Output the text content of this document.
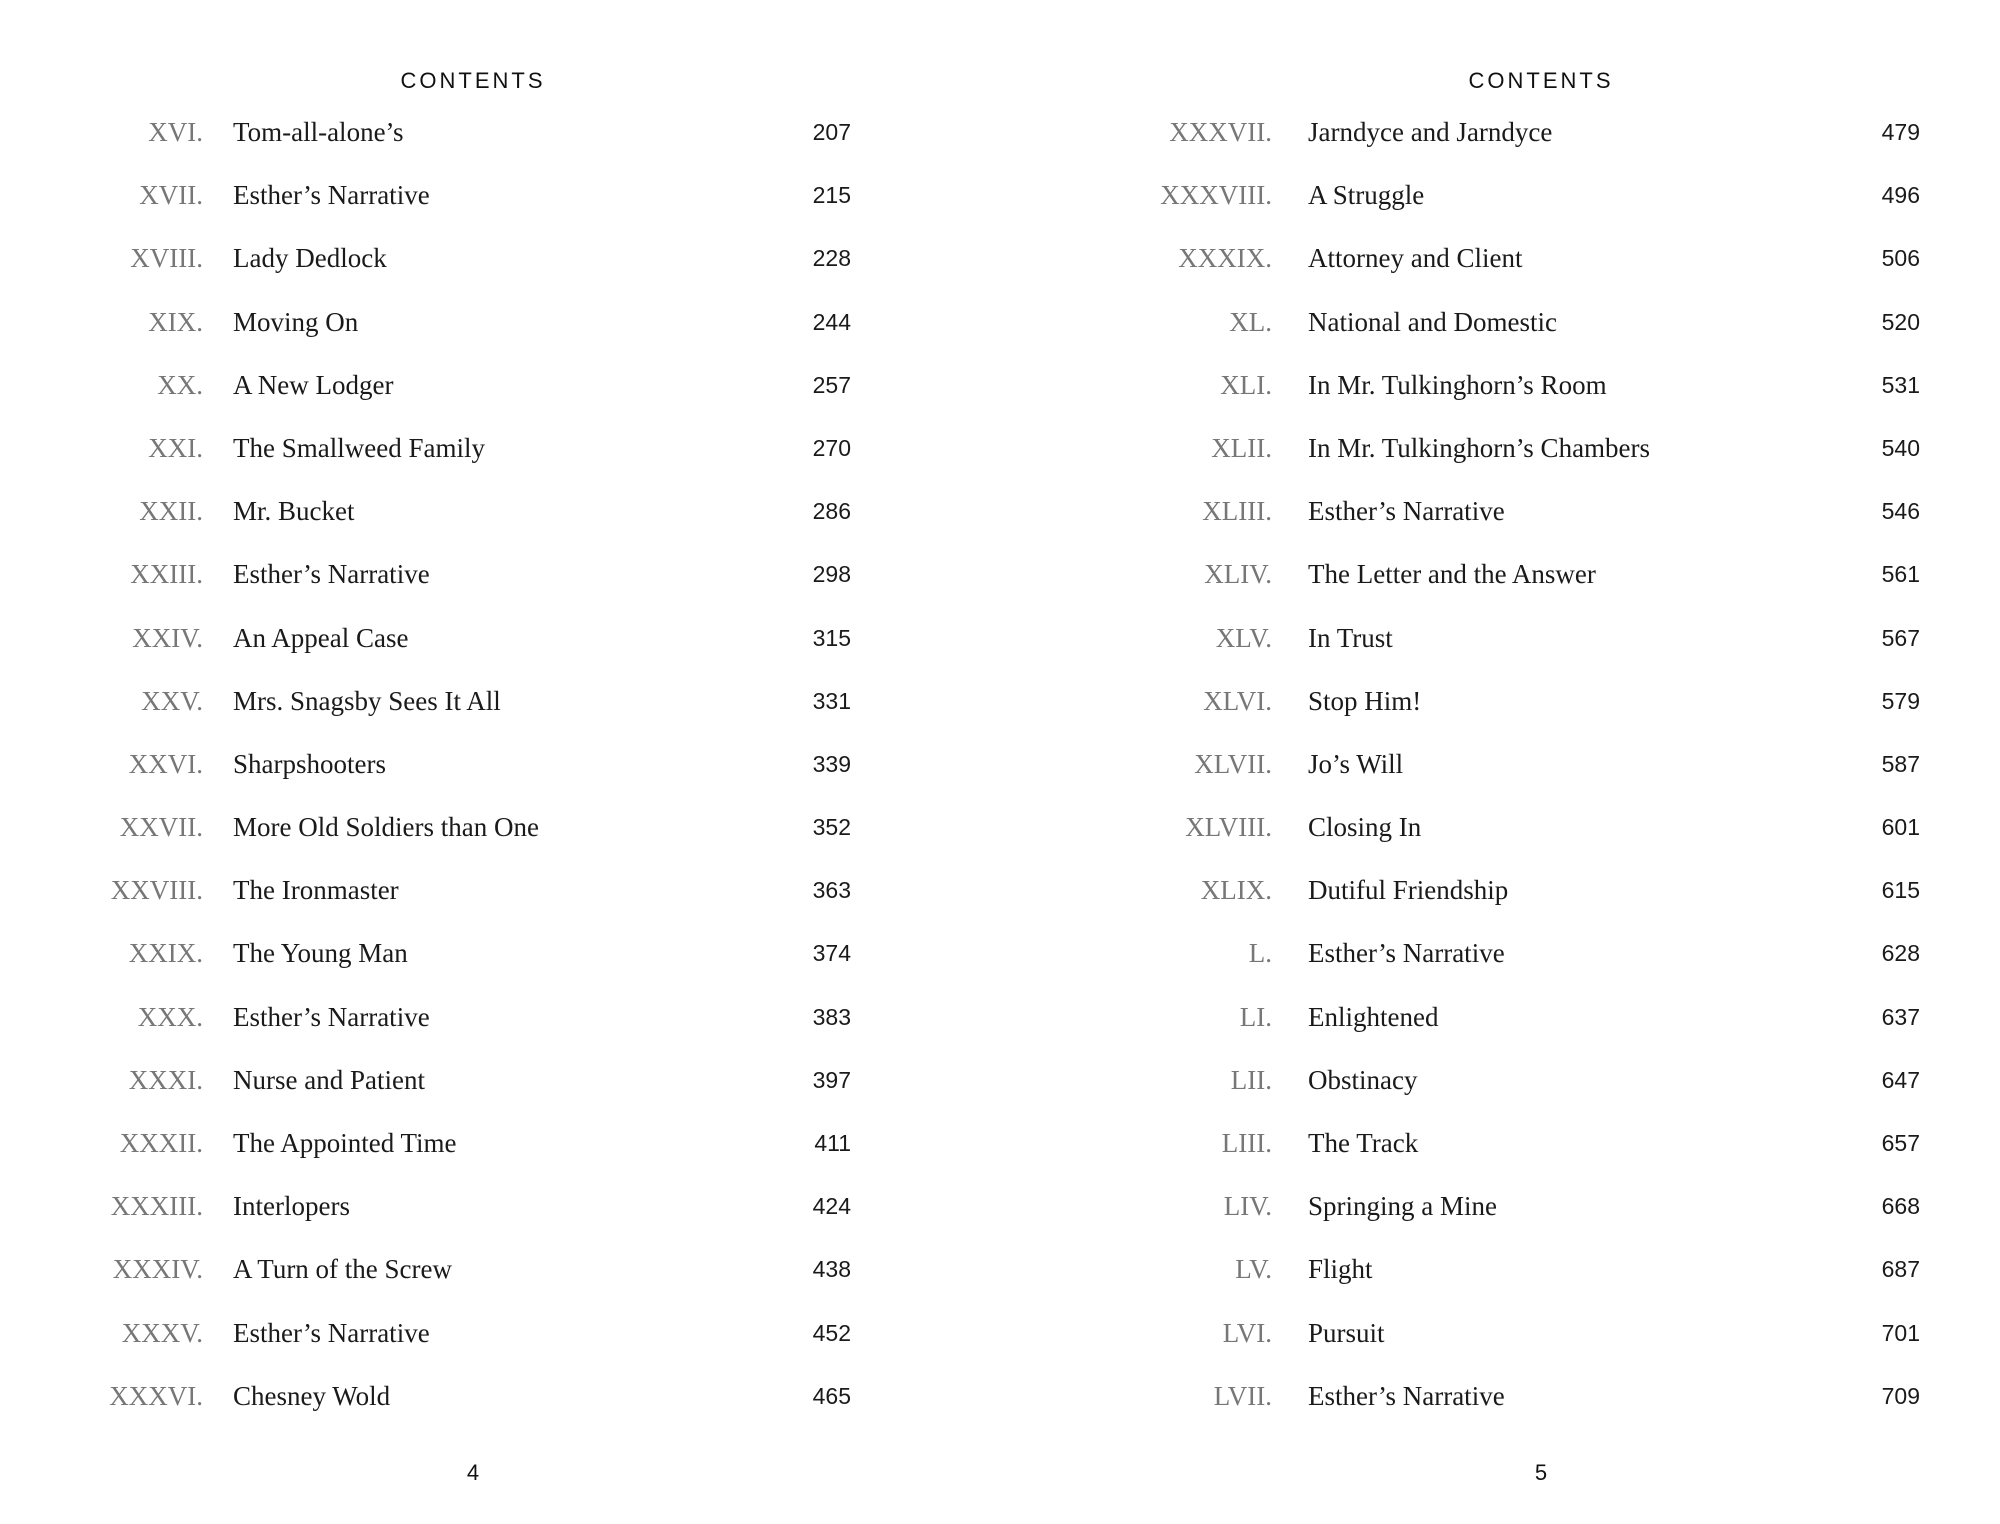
CONTENTS
XVI. Tom-all-alone’s	207
XVII. Esther’s Narrative	215
XVIII. Lady Dedlock	228
XIX. Moving On	244
XX. A New Lodger	257
XXI. The Smallweed Family	270
XXII. Mr. Bucket	286
XXIII. Esther’s Narrative	298
XXIV. An Appeal Case	315
XXV. Mrs. Snagsby Sees It All	331
XXVI. Sharpshooters	339
XXVII. More Old Soldiers than One	352
XXVIII. The Ironmaster	363
XXIX. The Young Man	374
XXX. Esther’s Narrative	383
XXXI. Nurse and Patient	397
XXXII. The Appointed Time	411
XXXIII. Interlopers	424
XXXIV. A Turn of the Screw	438
XXXV. Esther’s Narrative	452
XXXVI. Chesney Wold	465
4
CONTENTS
XXXVII. Jarndyce and Jarndyce	479
XXXVIII. A Struggle	496
XXXIX. Attorney and Client	506
XL. National and Domestic	520
XLI. In Mr. Tulkinghorn’s Room	531
XLII. In Mr. Tulkinghorn’s Chambers	540
XLIII. Esther’s Narrative	546
XLIV. The Letter and the Answer	561
XLV. In Trust	567
XLVI. Stop Him!	579
XLVII. Jo’s Will	587
XLVIII. Closing In	601
XLIX. Dutiful Friendship	615
L. Esther’s Narrative	628
LI. Enlightened	637
LII. Obstinacy	647
LIII. The Track	657
LIV. Springing a Mine	668
LV. Flight	687
LVI. Pursuit	701
LVII. Esther’s Narrative	709
5
